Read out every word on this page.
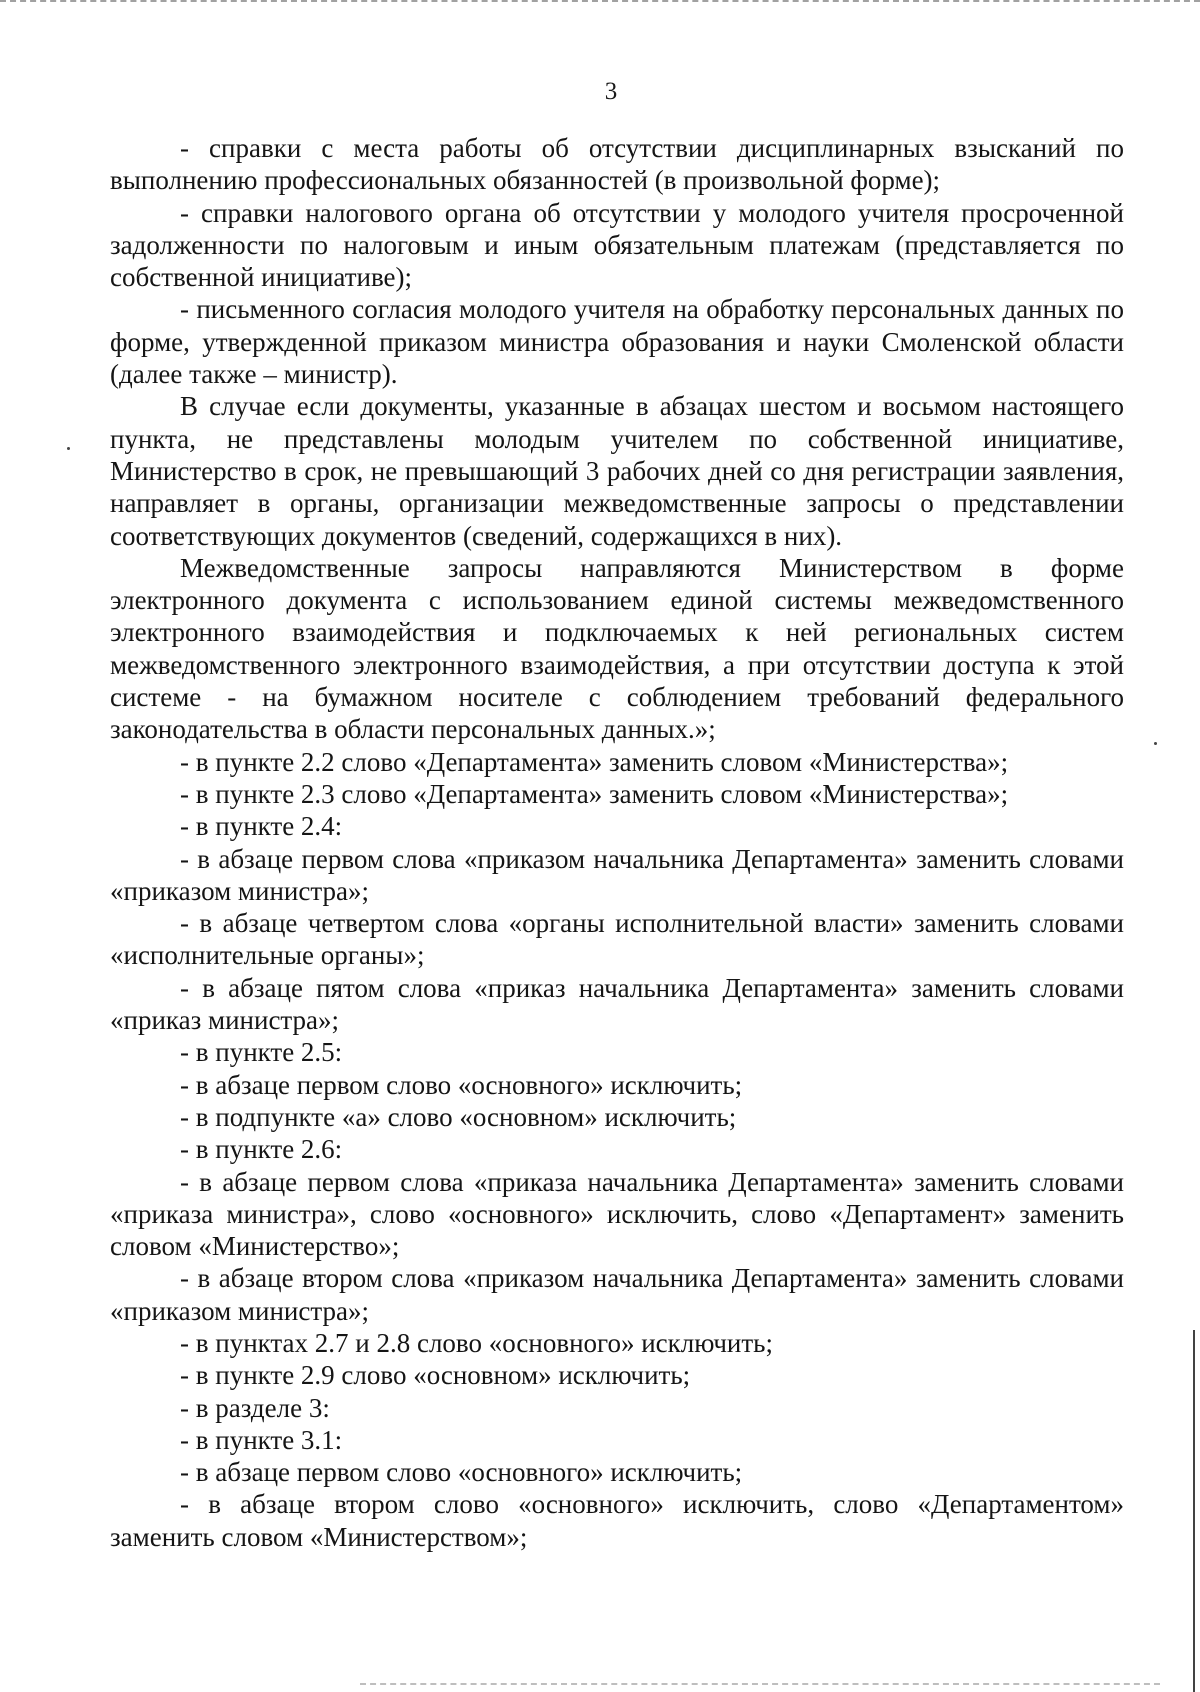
3

- справки с места работы об отсутствии дисциплинарных взысканий по выполнению профессиональных обязанностей (в произвольной форме);

- справки налогового органа об отсутствии у молодого учителя просроченной задолженности по налоговым и иным обязательным платежам (представляется по собственной инициативе);

- письменного согласия молодого учителя на обработку персональных данных по форме, утвержденной приказом министра образования и науки Смоленской области (далее также – министр).

В случае если документы, указанные в абзацах шестом и восьмом настоящего пункта, не представлены молодым учителем по собственной инициативе, Министерство в срок, не превышающий 3 рабочих дней со дня регистрации заявления, направляет в органы, организации межведомственные запросы о представлении соответствующих документов (сведений, содержащихся в них).

Межведомственные запросы направляются Министерством в форме электронного документа с использованием единой системы межведомственного электронного взаимодействия и подключаемых к ней региональных систем межведомственного электронного взаимодействия, а при отсутствии доступа к этой системе - на бумажном носителе с соблюдением требований федерального законодательства в области персональных данных.»;

- в пункте 2.2 слово «Департамента» заменить словом «Министерства»;

- в пункте 2.3 слово «Департамента» заменить словом «Министерства»;

- в пункте 2.4:

- в абзаце первом слова «приказом начальника Департамента» заменить словами «приказом министра»;

- в абзаце четвертом слова «органы исполнительной власти» заменить словами «исполнительные органы»;

- в абзаце пятом слова «приказ начальника Департамента» заменить словами «приказ министра»;

- в пункте 2.5:

- в абзаце первом слово «основного» исключить;

- в подпункте «а» слово «основном» исключить;

- в пункте 2.6:

- в абзаце первом слова «приказа начальника Департамента» заменить словами «приказа министра», слово «основного» исключить, слово «Департамент» заменить словом «Министерство»;

- в абзаце втором слова «приказом начальника Департамента» заменить словами «приказом министра»;

- в пунктах 2.7 и 2.8 слово «основного» исключить;

- в пункте 2.9 слово «основном» исключить;

- в разделе 3:

- в пункте 3.1:

- в абзаце первом слово «основного» исключить;

- в абзаце втором слово «основного» исключить, слово «Департаментом» заменить словом «Министерством»;
